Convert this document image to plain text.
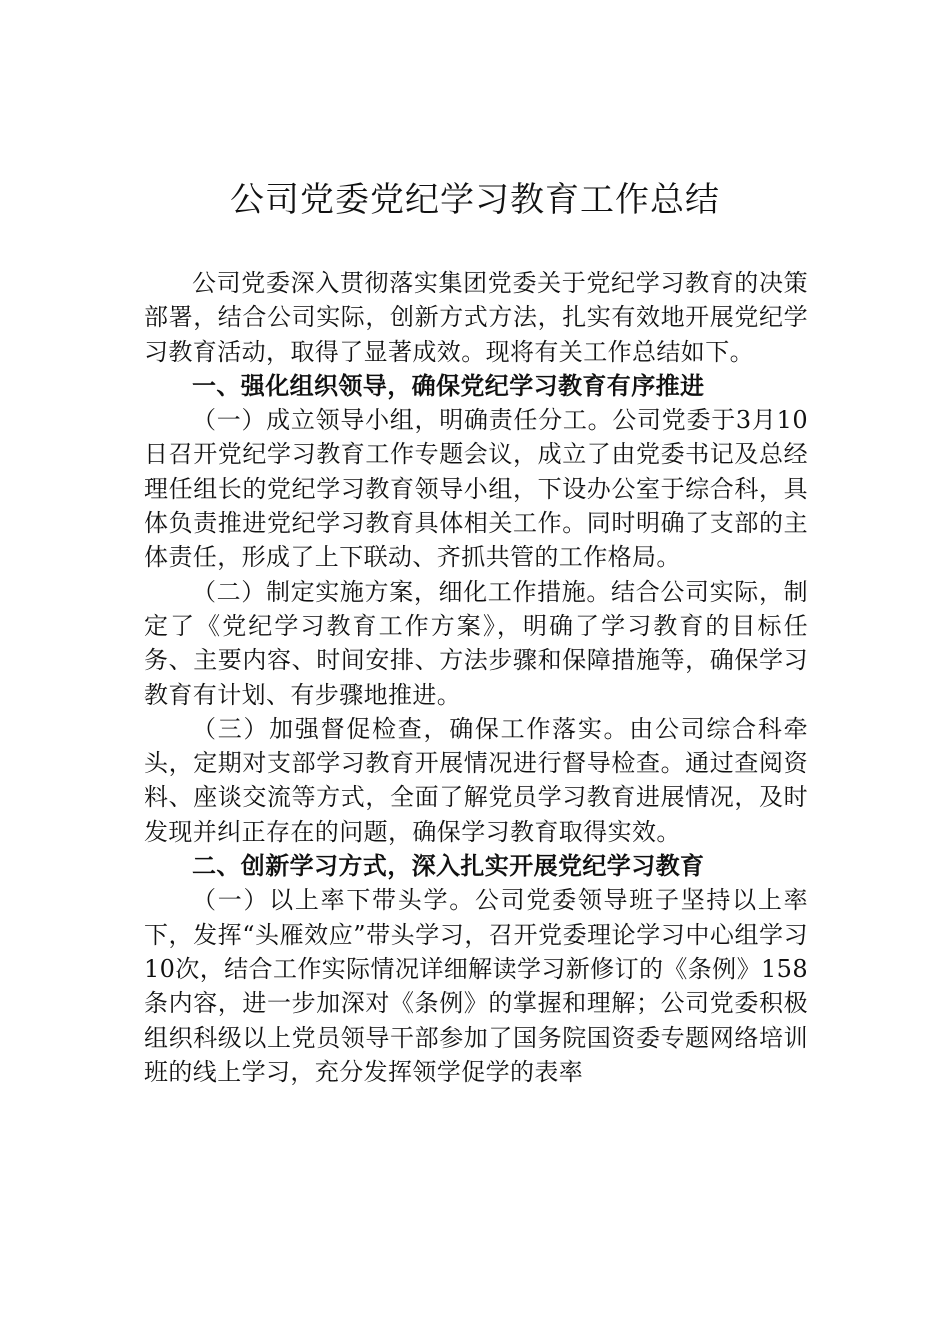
公司党委党纪学习教育工作总结

公司党委深入贯彻落实集团党委关于党纪学习教育的决策部署，结合公司实际，创新方式方法，扎实有效地开展党纪学习教育活动，取得了显著成效。现将有关工作总结如下。

一、强化组织领导，确保党纪学习教育有序推进

（一）成立领导小组，明确责任分工。公司党委于3月10日召开党纪学习教育工作专题会议，成立了由党委书记及总经理任组长的党纪学习教育领导小组，下设办公室于综合科，具体负责推进党纪学习教育具体相关工作。同时明确了支部的主体责任，形成了上下联动、齐抓共管的工作格局。

（二）制定实施方案，细化工作措施。结合公司实际，制定了《党纪学习教育工作方案》，明确了学习教育的目标任务、主要内容、时间安排、方法步骤和保障措施等，确保学习教育有计划、有步骤地推进。

（三）加强督促检查，确保工作落实。由公司综合科牵头，定期对支部学习教育开展情况进行督导检查。通过查阅资料、座谈交流等方式，全面了解党员学习教育进展情况，及时发现并纠正存在的问题，确保学习教育取得实效。

二、创新学习方式，深入扎实开展党纪学习教育

（一）以上率下带头学。公司党委领导班子坚持以上率下，发挥“头雁效应”带头学习，召开党委理论学习中心组学习10次，结合工作实际情况详细解读学习新修订的《条例》158条内容，进一步加深对《条例》的掌握和理解；公司党委积极组织科级以上党员领导干部参加了国务院国资委专题网络培训班的线上学习，充分发挥领学促学的表率
